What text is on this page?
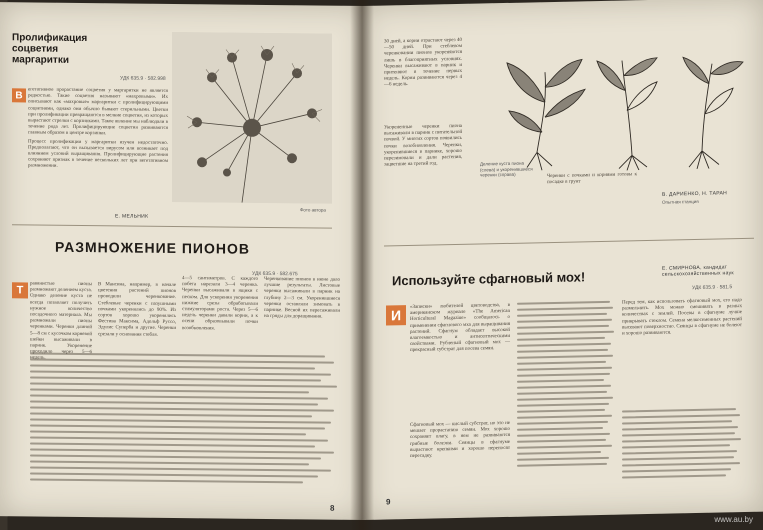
Пролификация
соцветия
маргаритки
УДК 635.9 · 582.998
В	егетативное прорастание соцветия у маргаритки не является редкостью. Такие соцветия называют «махровыми». Их описывают как «махровые» маргаритки с пролифицирующими соцветиями, однако они обычно бывают стерильными. Цветки при пролификации превращаются в мелкие соцветия, из которых вырастают стрелки с корзинками. Такое явление мы наблюдали в течение ряда лет. Пролифицирующие соцветия развиваются главным образом в центре корзинки.

Процесс пролификации у маргаритки изучен недостаточно. Предполагают, что он вызывается вирусом или возникает под влиянием условий выращивания. Пролифицирующие растения сохраняют признак в течение нескольких лет при вегетативном размножении.

Е. МЕЛЬНИК
Фото автора
РАЗМНОЖЕНИЕ ПИОНОВ
УДК 635.9 · 582.675
Т

равянистые пионы размножают делением куста. Однако деление куста не всегда позволяет получить нужное количество посадочного материала. Мы размножали пионы черенками. Черенки длиной 5—8 см с кусочком корневой шейки высаживали в парник. Укоренение проходило через 5—6 недель.

В Мансина, например, в начале цветения растений пионов проводили черенкование. Стеблевые черенки с пазушными почками укоренялись до 90%. Из сортов хорошо укоренялись Фестива Максима, Адольф Руссо, Эдулис Суперба и другие. Черенки срезали у основания стебля.

4—5 сантиметров. С каждого побега нарезали 3—4 черенка. Черенки высаживали в ящики с песком. Для ускорения укоренения нижние срезы обрабатывали стимуляторами роста. Через 5—6 недель черенки давали корни, а к осени образовывали почки возобновления.

Черенкование пионов в июне дало лучшие результаты. Листовые черенки высаживали в парник на глубину 2—3 см. Укоренившиеся черенки оставляли зимовать в парнике. Весной их пересаживали на гряды для доращивания.

8

30 дней, а корни отрастают через 40—50 дней. При стеблевом черенковании пионов укореняются лишь в благоприятных условиях. Черенки высаживают в парник и притеняют в течение первых недель. Корни развиваются через 4—6 недель.

Укорененные черенки пиона высаживали в парник с питательной почвой. У многих сортов появились почки возобновления. Черенки, укоренившиеся в парнике, хорошо перезимовали и дали растения, зацветшие на третий год.	Деление куста пиона (слева) и укоренившиеся черенки (справа)	Черенки с почками и корнями готовы к посадке в грунт

В. ДАРИЕНКО, Н. ТАРАН
Опытная станция
Используйте сфагновый мох!
Е. СМИРНОВА, кандидат сельскохозяйственных наук
УДК 635.9 · 581.5
И

«Записки» любителей цветоводства, в американском журнале «The American Horticultural Magazine» сообщалось о применении сфагнового мха для выращивания растений. Сфагнум обладает высокой влагоемкостью и антисептическими свойствами. Рубленый сфагновый мох — прекрасный субстрат для посева семян.

Сфагновый мох — кислый субстрат, но это не мешает прорастанию семян. Мох хорошо сохраняет влагу, в нем не развиваются грибные болезни. Сеянцы в сфагнуме вырастают крепкими и хорошо переносят пересадку.

Перед тем, как использовать сфагновый мох, его надо размельчить. Мох можно смешивать в разных количествах с землей. Посевы в сфагнуме лучше прикрывать стеклом. Семена мелкосеменных растений высевают поверхностно. Сеянцы в сфагнуме не болеют и хорошо развиваются.

9
www.au.by
